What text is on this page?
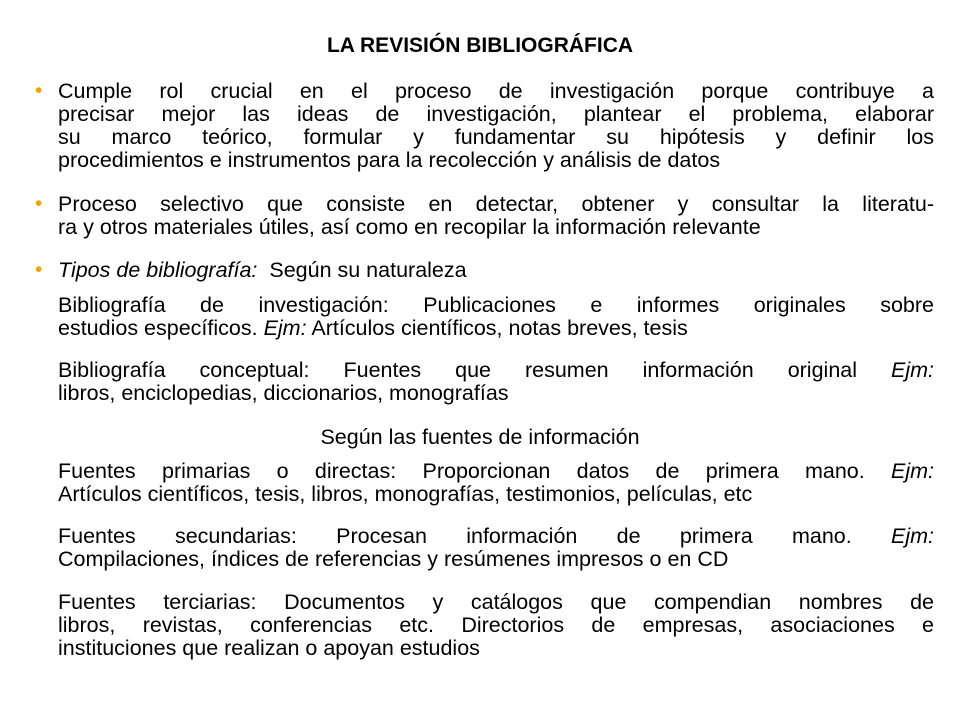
LA REVISIÓN BIBLIOGRÁFICA
• Cumple rol crucial en el proceso de investigación porque contribuye a
precisar mejor las ideas de investigación, plantear el problema, elaborar
su marco teórico, formular y fundamentar su hipótesis y definir los
procedimientos e instrumentos para la recolección y análisis de datos
• Proceso selectivo que consiste en detectar, obtener y consultar la literatu-
ra y otros materiales útiles, así como en recopilar la información relevante
• Tipos de bibliografía: Según su naturaleza
Bibliografía de investigación: Publicaciones e informes originales sobre
estudios específicos. Ejm: Artículos científicos, notas breves, tesis
Bibliografía conceptual: Fuentes que resumen información original Ejm:
libros, enciclopedias, diccionarios, monografías
Según las fuentes de información
Fuentes primarias o directas: Proporcionan datos de primera mano. Ejm:
Artículos científicos, tesis, libros, monografías, testimonios, películas, etc
Fuentes secundarias: Procesan información de primera mano. Ejm:
Compilaciones, índices de referencias y resúmenes impresos o en CD
Fuentes terciarias: Documentos y catálogos que compendian nombres de
libros, revistas, conferencias etc. Directorios de empresas, asociaciones e
instituciones que realizan o apoyan estudios
